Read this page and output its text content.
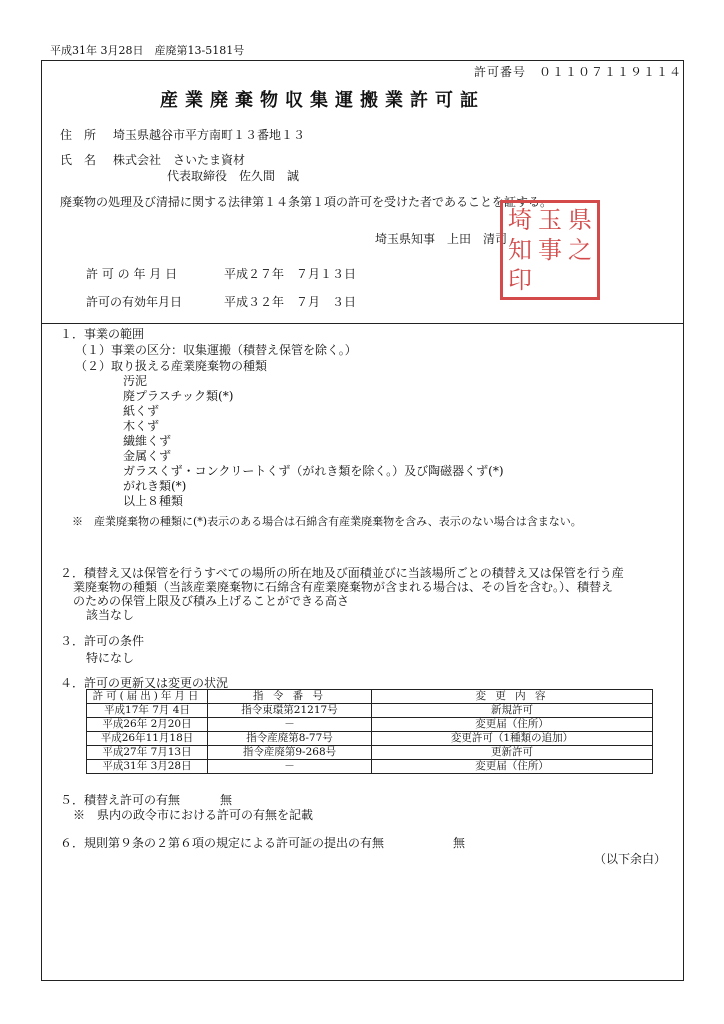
平成31年 3月28日　産廃第13-5181号
許可番号　０１１０７１１９１１４
産業廃棄物収集運搬業許可証
住　所 埼玉県越谷市平方南町１３番地１３
氏　名 株式会社　さいたま資材
代表取締役　佐久間　誠
廃棄物の処理及び清掃に関する法律第１４条第１項の許可を受けた者であることを証する。
埼玉県知事　上田　清司
埼 玉 県
知 事 之
印
許 可 の 年 月 日	平成２７年　７月１３日
許可の有効年月日	平成３２年　７月　３日
１．事業の範囲
（１）事業の区分：収集運搬（積替え保管を除く。）
（２）取り扱える産業廃棄物の種類
汚泥
廃プラスチック類(*)
紙くず
木くず
繊維くず
金属くず
ガラスくず・コンクリートくず（がれき類を除く。）及び陶磁器くず(*)
がれき類(*)
以上８種類
※　産業廃棄物の種類に(*)表示のある場合は石綿含有産業廃棄物を含み、表示のない場合は含まない。
２．積替え又は保管を行うすべての場所の所在地及び面積並びに当該場所ごとの積替え又は保管を行う産
業廃棄物の種類（当該産業廃棄物に石綿含有産業廃棄物が含まれる場合は、その旨を含む。）、積替え
のための保管上限及び積み上げることができる高さ
該当なし
３．許可の条件
特になし
４．許可の更新又は変更の状況
許可(届出)年月日	指 令 番 号	変 更 内 容
平成17年 7月 4日	指令東環第21217号	新規許可
平成26年 2月20日	－	変更届（住所）
平成26年11月18日	指令産廃第8-77号	変更許可（1種類の追加）
平成27年 7月13日	指令産廃第9-268号	更新許可
平成31年 3月28日	－	変更届（住所）
５．積替え許可の有無	無
※　県内の政令市における許可の有無を記載
６．規則第９条の２第６項の規定による許可証の提出の有無	無
（以下余白）
